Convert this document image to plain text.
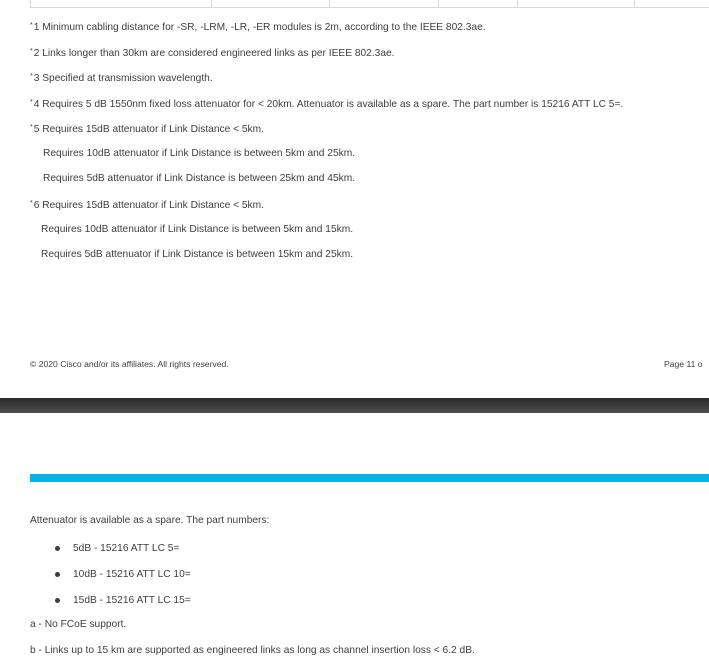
*1 Minimum cabling distance for -SR, -LRM, -LR, -ER modules is 2m, according to the IEEE 802.3ae.
*2 Links longer than 30km are considered engineered links as per IEEE 802.3ae.
*3 Specified at transmission wavelength.
*4 Requires 5 dB 1550nm fixed loss attenuator for < 20km. Attenuator is available as a spare. The part number is 15216 ATT LC 5=.
*5 Requires 15dB attenuator if Link Distance < 5km.
Requires 10dB attenuator if Link Distance is between 5km and 25km.
Requires 5dB attenuator if Link Distance is between 25km and 45km.
*6 Requires 15dB attenuator if Link Distance < 5km.
Requires 10dB attenuator if Link Distance is between 5km and 15km.
Requires 5dB attenuator if Link Distance is between 15km and 25km.
© 2020 Cisco and/or its affiliates. All rights reserved.	Page 11 o
Attenuator is available as a spare. The part numbers:
5dB - 15216 ATT LC 5=
10dB - 15216 ATT LC 10=
15dB - 15216 ATT LC 15=
a - No FCoE support.
b - Links up to 15 km are supported as engineered links as long as channel insertion loss < 6.2 dB.
